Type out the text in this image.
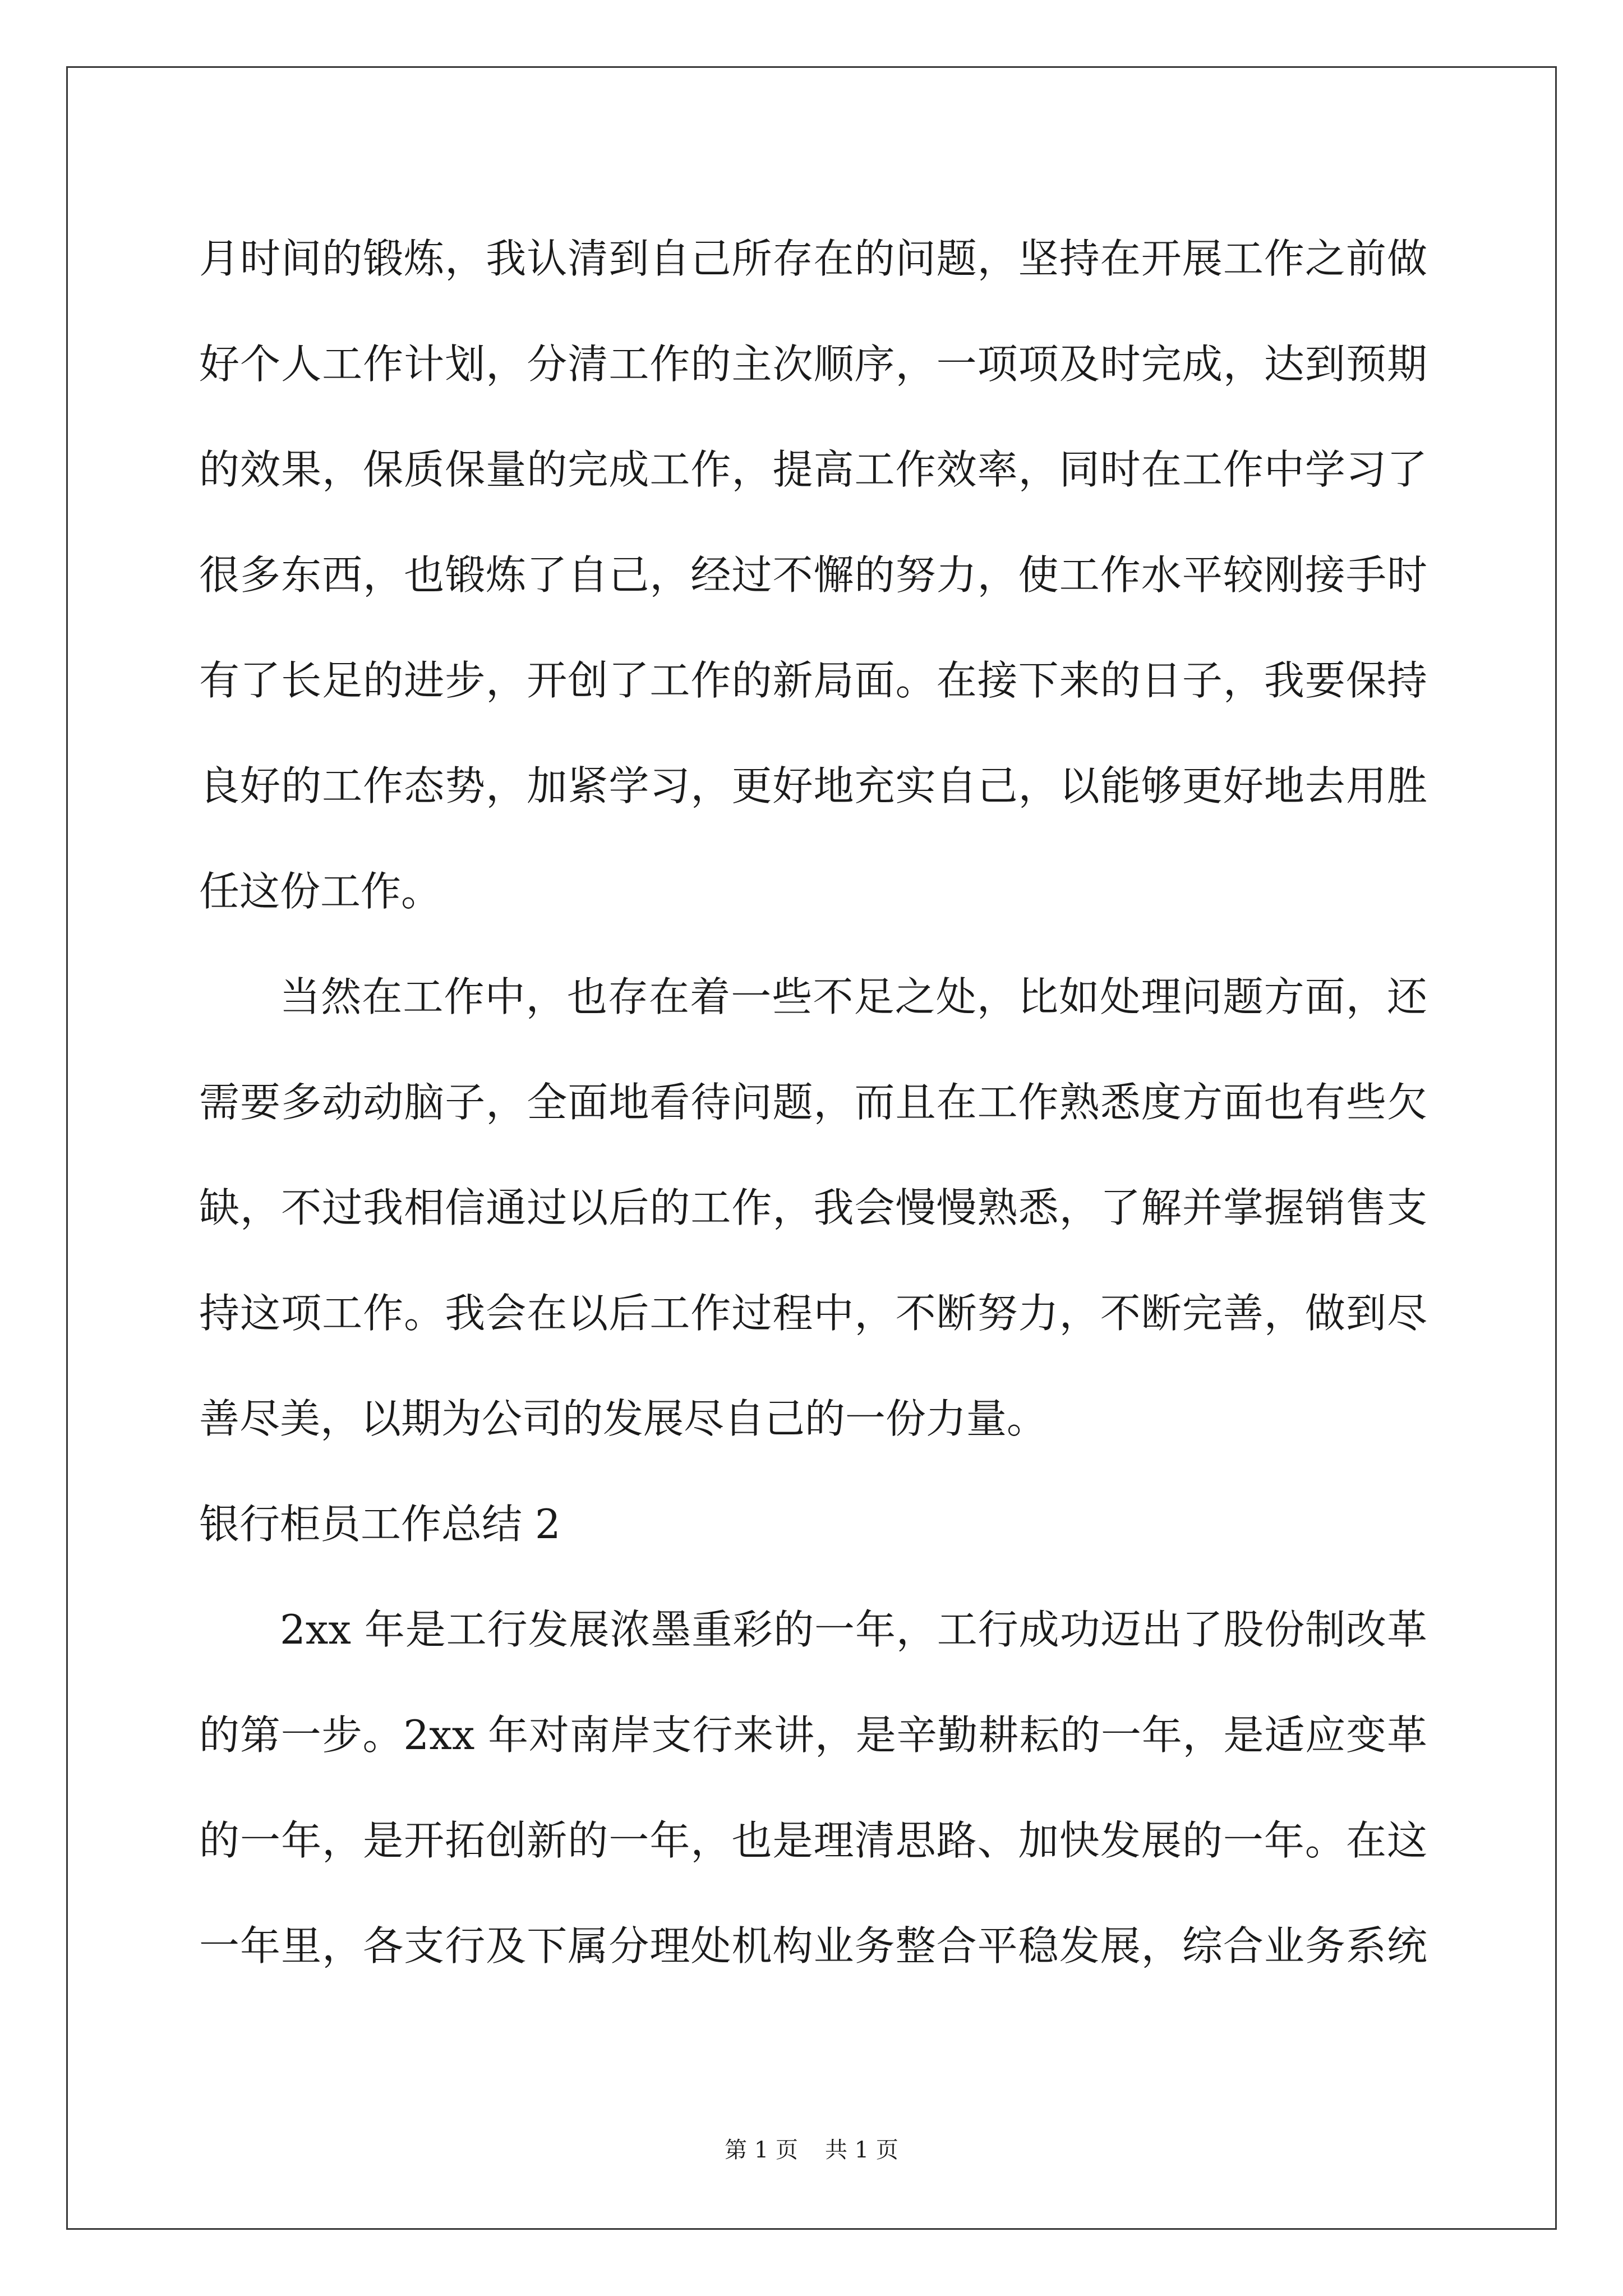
月时间的锻炼，我认清到自己所存在的问题，坚持在开展工作之前做
好个人工作计划，分清工作的主次顺序，一项项及时完成，达到预期
的效果，保质保量的完成工作，提高工作效率，同时在工作中学习了
很多东西，也锻炼了自己，经过不懈的努力，使工作水平较刚接手时
有了长足的进步，开创了工作的新局面。在接下来的日子，我要保持
良好的工作态势，加紧学习，更好地充实自己，以能够更好地去用胜
任这份工作。
当然在工作中，也存在着一些不足之处，比如处理问题方面，还
需要多动动脑子，全面地看待问题，而且在工作熟悉度方面也有些欠
缺，不过我相信通过以后的工作，我会慢慢熟悉，了解并掌握销售支
持这项工作。我会在以后工作过程中，不断努力，不断完善，做到尽
善尽美，以期为公司的发展尽自己的一份力量。
银行柜员工作总结 2
2xx 年是工行发展浓墨重彩的一年，工行成功迈出了股份制改革
的第一步。2xx 年对南岸支行来讲，是辛勤耕耘的一年，是适应变革
的一年，是开拓创新的一年，也是理清思路、加快发展的一年。在这
一年里，各支行及下属分理处机构业务整合平稳发展，综合业务系统
第 1 页 共 1 页
